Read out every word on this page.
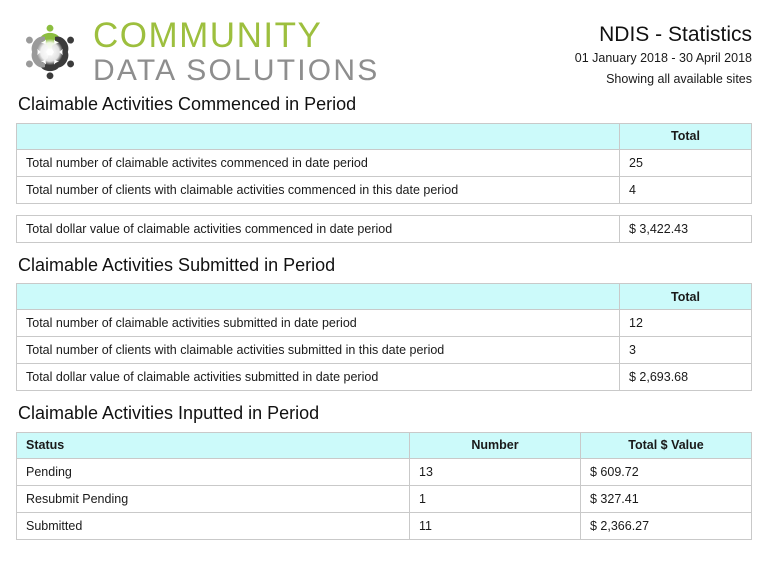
COMMUNITY
DATA SOLUTIONS
NDIS - Statistics
01 January 2018 - 30 April 2018
Showing all available sites
Claimable Activities Commenced in Period
	Total
Total number of claimable activites commenced in date period	25
Total number of clients with claimable activities commenced in this date period	4
Total dollar value of claimable activities commenced in date period	$ 3,422.43
Claimable Activities Submitted in Period
	Total
Total number of claimable activities submitted in date period	12
Total number of clients with claimable activities submitted in this date period	3
Total dollar value of claimable activities submitted in date period	$ 2,693.68
Claimable Activities Inputted in Period
Status	Number	Total $ Value
Pending	13	$ 609.72
Resubmit Pending	1	$ 327.41
Submitted	11	$ 2,366.27
